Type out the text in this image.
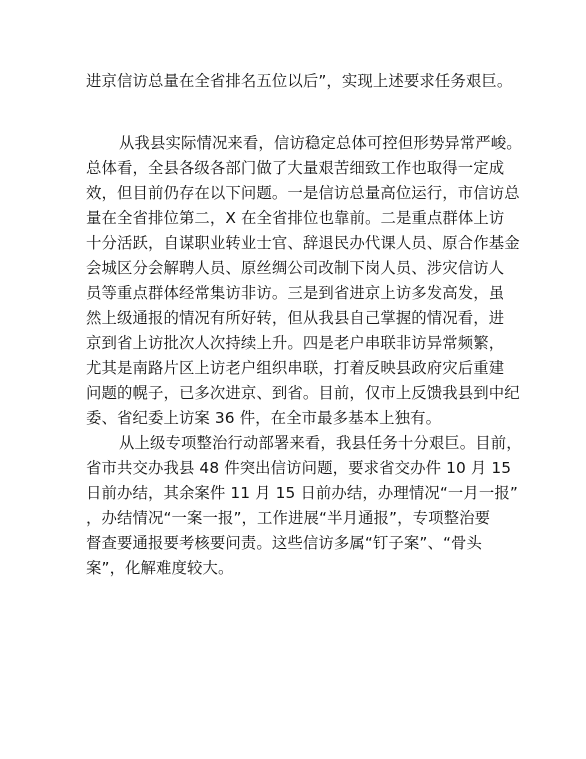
进京信访总量在全省排名五位以后”，实现上述要求任务艰巨。
从我县实际情况来看，信访稳定总体可控但形势异常严峻。
总体看，全县各级各部门做了大量艰苦细致工作也取得一定成
效，但目前仍存在以下问题。一是信访总量高位运行，市信访总
量在全省排位第二，X 在全省排位也靠前。二是重点群体上访
十分活跃，自谋职业转业士官、辞退民办代课人员、原合作基金
会城区分会解聘人员、原丝绸公司改制下岗人员、涉灾信访人
员等重点群体经常集访非访。三是到省进京上访多发高发，虽
然上级通报的情况有所好转，但从我县自己掌握的情况看，进
京到省上访批次人次持续上升。四是老户串联非访异常频繁，
尤其是南路片区上访老户组织串联，打着反映县政府灾后重建
问题的幌子，已多次进京、到省。目前，仅市上反馈我县到中纪
委、省纪委上访案 36 件，在全市最多基本上独有。
从上级专项整治行动部署来看，我县任务十分艰巨。目前，
省市共交办我县 48 件突出信访问题，要求省交办件 10 月 15
日前办结，其余案件 11 月 15 日前办结，办理情况“一月一报”
，办结情况“一案一报”，工作进展“半月通报”，专项整治要
督查要通报要考核要问责。这些信访多属“钉子案”、“骨头
案”，化解难度较大。
